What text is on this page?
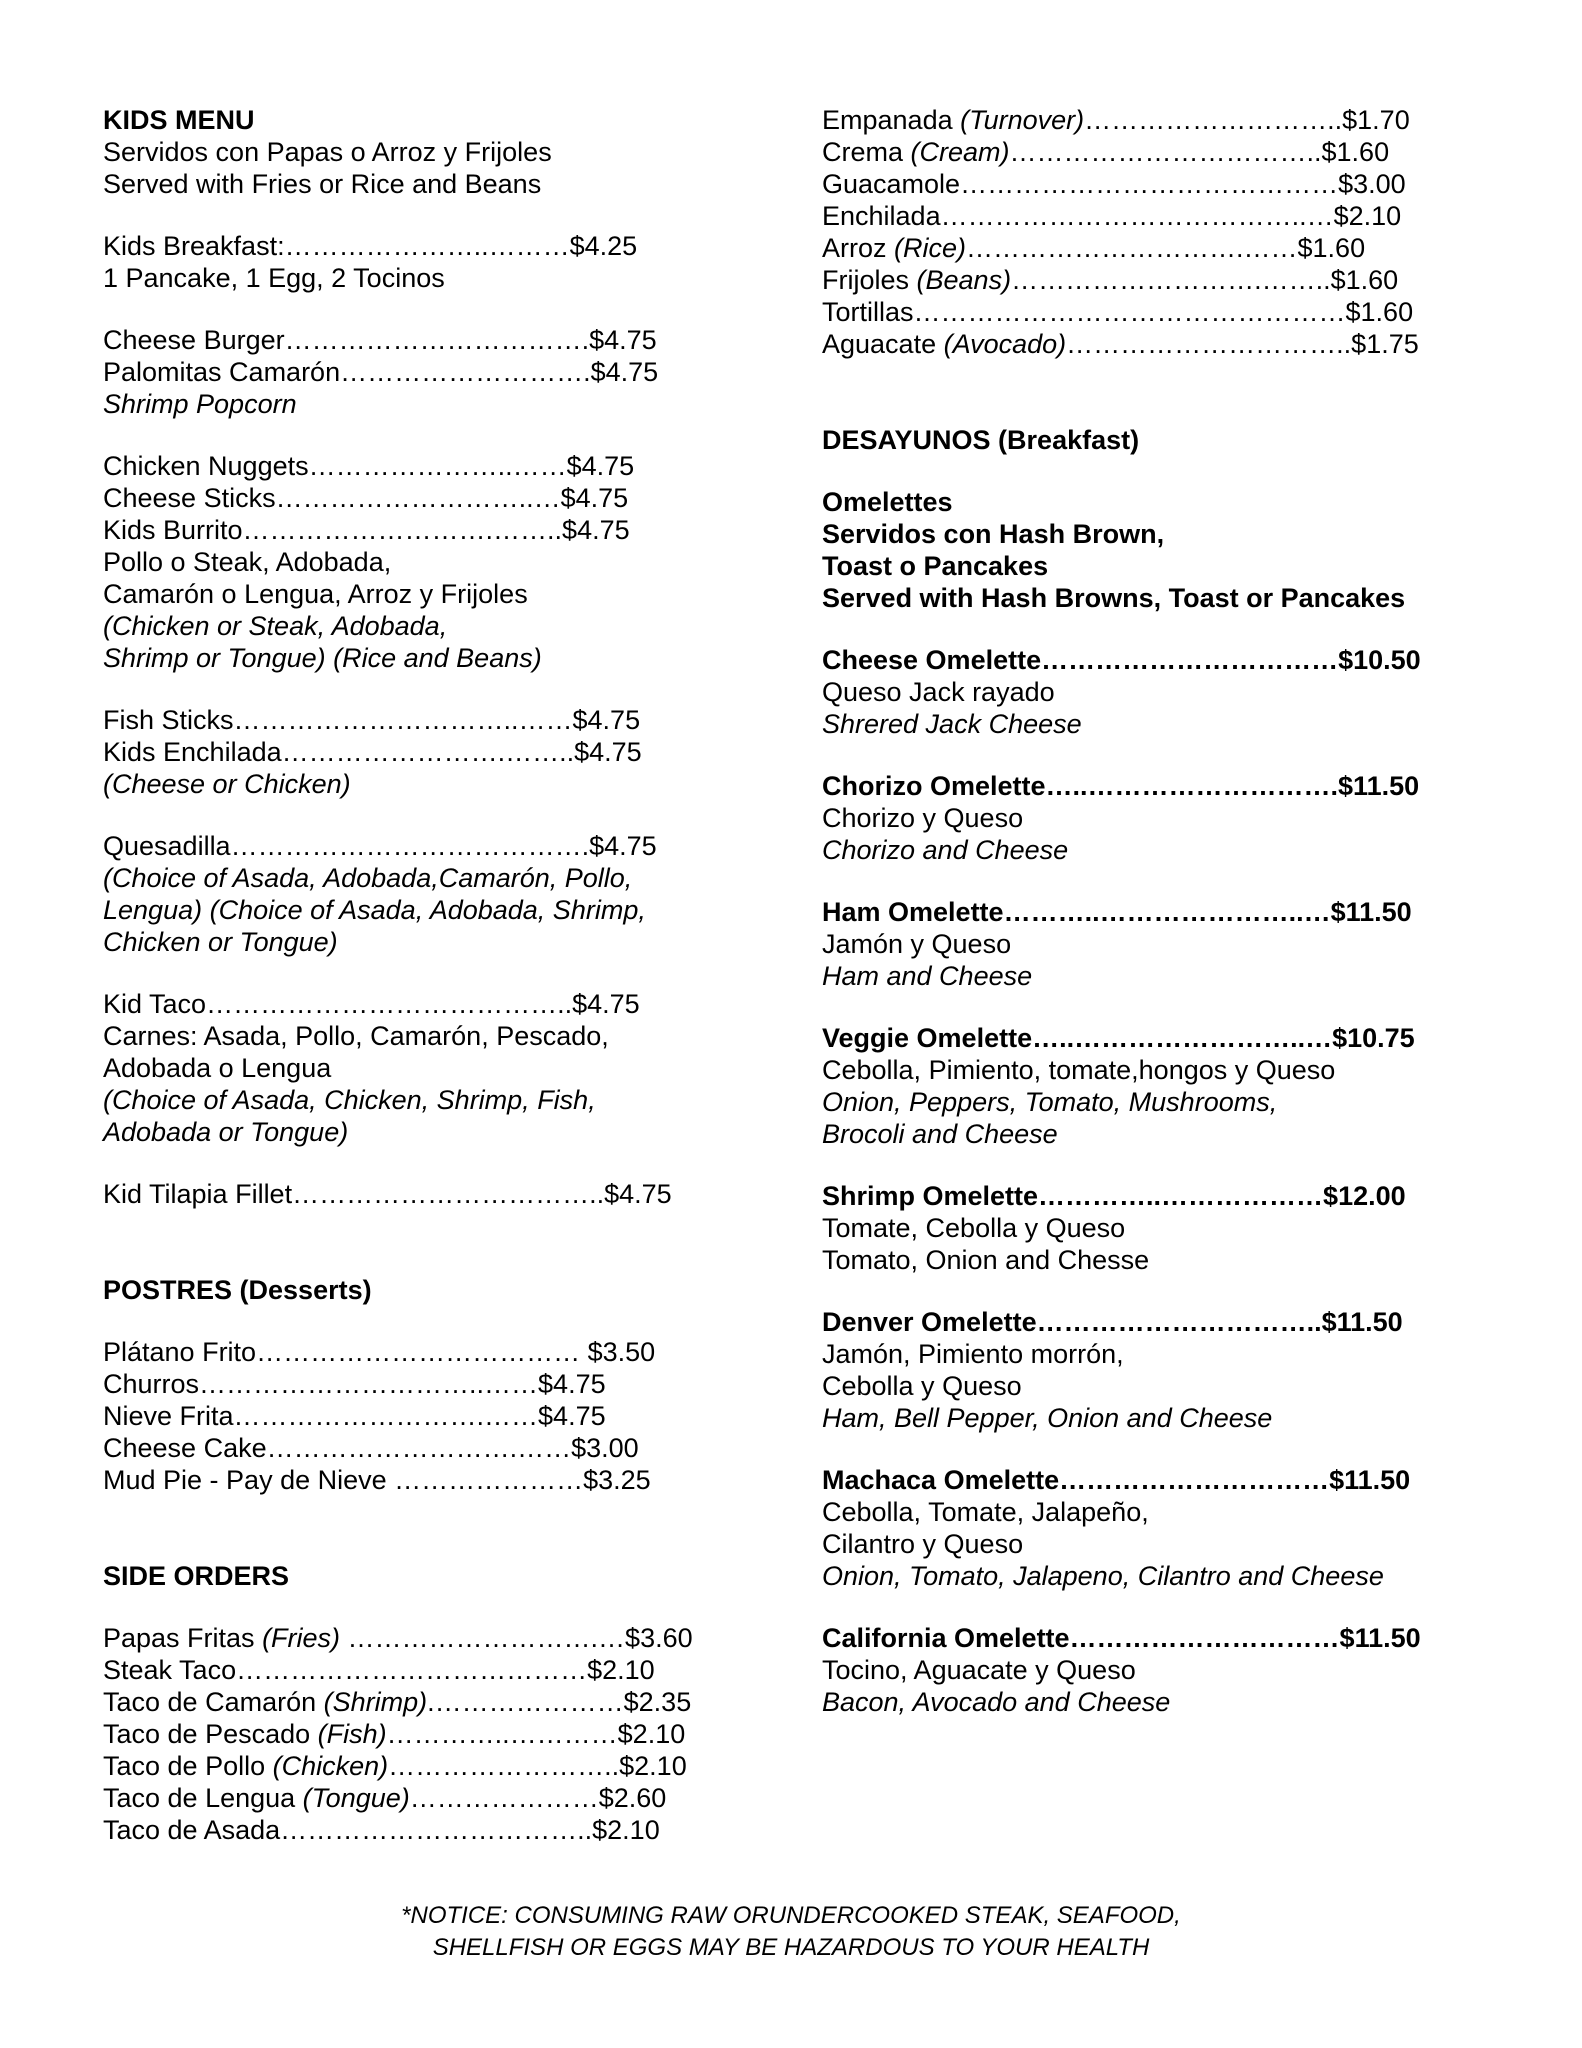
KIDS MENU
Servidos con Papas o Arroz y Frijoles
Served with Fries or Rice and Beans
Kids Breakfast:…………………..………$4.25
1 Pancake, 1 Egg, 2 Tocinos
Cheese Burger…………………………….$4.75
Palomitas Camarón……………………….$4.75
Shrimp Popcorn
Chicken Nuggets…………………..……$4.75
Cheese Sticks………………………..…$4.75
Kids Burrito……………………….……..$4.75
Pollo o Steak, Adobada,
Camarón o Lengua, Arroz y Frijoles
(Chicken or Steak, Adobada,
Shrimp or Tongue) (Rice and Beans)
Fish Sticks…………………………..……$4.75
Kids Enchilada…………………….……..$4.75
(Cheese or Chicken)
Quesadilla………………………………….$4.75
(Choice of Asada, Adobada,Camarón, Pollo,
Lengua) (Choice of Asada, Adobada, Shrimp,
Chicken or Tongue)
Kid Taco…………………………………..$4.75
Carnes: Asada, Pollo, Camarón, Pescado,
Adobada o Lengua
(Choice of Asada, Chicken, Shrimp, Fish,
Adobada or Tongue)
Kid Tilapia Fillet……………………………..$4.75
POSTRES (Desserts)
Plátano Frito……………………………… $3.50
Churros…………………………..……$4.75
Nieve Frita……………………….……$4.75
Cheese Cake……………………….……$3.00
Mud Pie - Pay de Nieve …………………$3.25
SIDE ORDERS
Papas Fritas (Fries) ……………………….…$3.60
Steak Taco…………………………………$2.10
Taco de Camarón (Shrimp).…………………$2.35
Taco de Pescado (Fish)…………..…………$2.10
Taco de Pollo (Chicken)……………………..$2.10
Taco de Lengua (Tongue)…………………$2.60
Taco de Asada……………………………..$2.10
Empanada (Turnover)………………………..$1.70
Crema (Cream)……………………………..$1.60
Guacamole……………………………………$3.00
Enchilada…………………………………..…$2.10
Arroz (Rice)………………………….……$1.60
Frijoles (Beans)……………………….……..$1.60
Tortillas…………………………………………$1.60
Aguacate (Avocado)…………………………..$1.75
DESAYUNOS (Breakfast)
Omelettes
Servidos con Hash Brown,
Toast o Pancakes
Served with Hash Browns, Toast or Pancakes
Cheese Omelette……………………………$10.50
Queso Jack rayado
Shrered Jack Cheese
Chorizo Omelette…..……………………….$11.50
Chorizo y Queso
Chorizo and Cheese
Ham Omelette………..…………………..…$11.50
Jamón y Queso
Ham and Cheese
Veggie Omelette…..……………………..…$10.75
Cebolla, Pimiento, tomate,hongos y Queso
Onion, Peppers, Tomato, Mushrooms,
Brocoli and Cheese
Shrimp Omelette…………..………………$12.00
Tomate, Cebolla y Queso
Tomato, Onion and Chesse
Denver Omelette…………………………..$11.50
Jamón, Pimiento morrón,
Cebolla y Queso
Ham, Bell Pepper, Onion and Cheese
Machaca Omelette…………………………$11.50
Cebolla, Tomate, Jalapeño,
Cilantro y Queso
Onion, Tomato, Jalapeno, Cilantro and Cheese
California Omelette…………………………$11.50
Tocino, Aguacate y Queso
Bacon, Avocado and Cheese
*NOTICE: CONSUMING RAW ORUNDERCOOKED STEAK, SEAFOOD,
SHELLFISH OR EGGS MAY BE HAZARDOUS TO YOUR HEALTH
